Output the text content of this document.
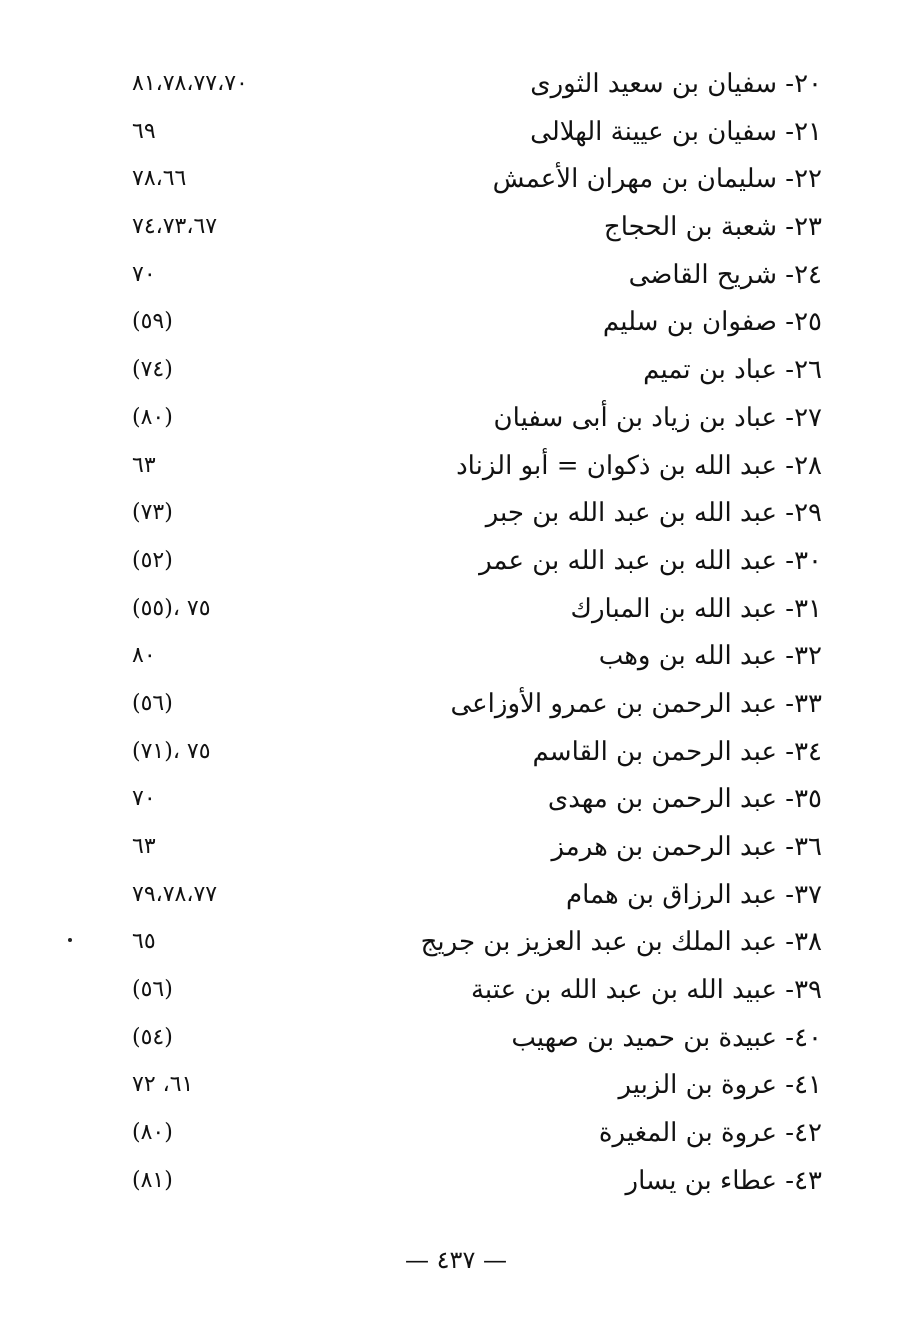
٢٠- سفيان بن سعيد الثورى
٨١،٧٨،٧٧،٧٠
٢١- سفيان بن عيينة الهلالى
٦٩
٢٢- سليمان بن مهران الأعمش
٧٨،٦٦
٢٣- شعبة بن الحجاج
٧٤،٧٣،٦٧
٢٤- شريح القاضى
٧٠
٢٥- صفوان بن سليم
(٥٩)
٢٦- عباد بن تميم
(٧٤)
٢٧- عباد بن زياد بن أبى سفيان
(٨٠)
٢٨- عبد الله بن ذكوان = أبو الزناد
٦٣
٢٩- عبد الله بن عبد الله بن جبر
(٧٣)
٣٠- عبد الله بن عبد الله بن عمر
(٥٢)
٣١- عبد الله بن المبارك
(٥٥)، ٧٥
٣٢- عبد الله بن وهب
٨٠
٣٣- عبد الرحمن بن عمرو الأوزاعى
(٥٦)
٣٤- عبد الرحمن بن القاسم
(٧١)، ٧٥
٣٥- عبد الرحمن بن مهدى
٧٠
٣٦- عبد الرحمن بن هرمز
٦٣
٣٧- عبد الرزاق بن همام
٧٩،٧٨،٧٧
٣٨- عبد الملك بن عبد العزيز بن جريج
٦٥
٣٩- عبيد الله بن عبد الله بن عتبة
(٥٦)
٤٠- عبيدة بن حميد بن صهيب
(٥٤)
٤١- عروة بن الزبير
٦١، ٧٢
٤٢- عروة بن المغيرة
(٨٠)
٤٣- عطاء بن يسار
(٨١)
— ٤٣٧ —
